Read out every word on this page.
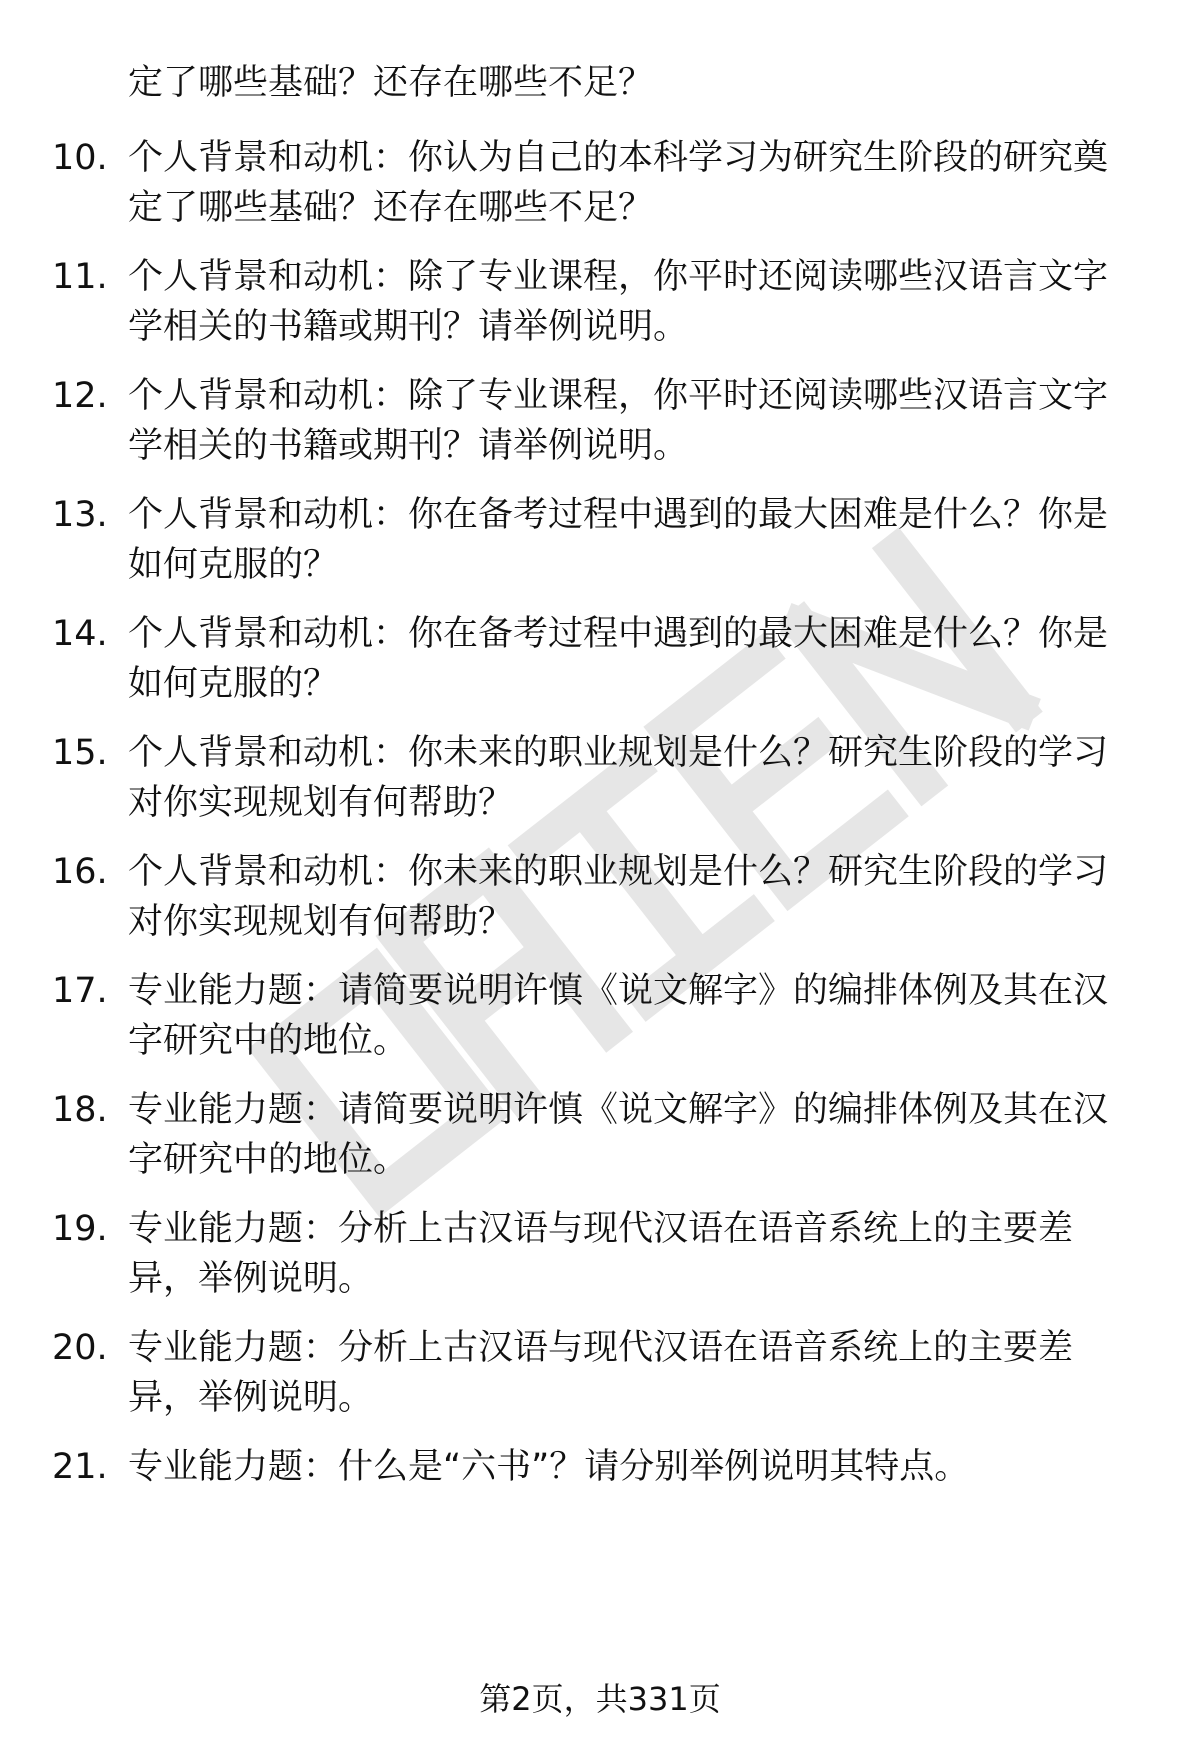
定了哪些基础？还存在哪些不足？
10. 个人背景和动机：你认为自己的本科学习为研究生阶段的研究奠
定了哪些基础？还存在哪些不足？
11. 个人背景和动机：除了专业课程，你平时还阅读哪些汉语言文字
学相关的书籍或期刊？请举例说明。
12. 个人背景和动机：除了专业课程，你平时还阅读哪些汉语言文字
学相关的书籍或期刊？请举例说明。
13. 个人背景和动机：你在备考过程中遇到的最大困难是什么？你是
如何克服的？
14. 个人背景和动机：你在备考过程中遇到的最大困难是什么？你是
如何克服的？
15. 个人背景和动机：你未来的职业规划是什么？研究生阶段的学习
对你实现规划有何帮助？
16. 个人背景和动机：你未来的职业规划是什么？研究生阶段的学习
对你实现规划有何帮助？
17. 专业能力题：请简要说明许慎《说文解字》的编排体例及其在汉
字研究中的地位。
18. 专业能力题：请简要说明许慎《说文解字》的编排体例及其在汉
字研究中的地位。
19. 专业能力题：分析上古汉语与现代汉语在语音系统上的主要差
异，举例说明。
20. 专业能力题：分析上古汉语与现代汉语在语音系统上的主要差
异，举例说明。
21. 专业能力题：什么是“六书”？请分别举例说明其特点。
第2页，共331页
